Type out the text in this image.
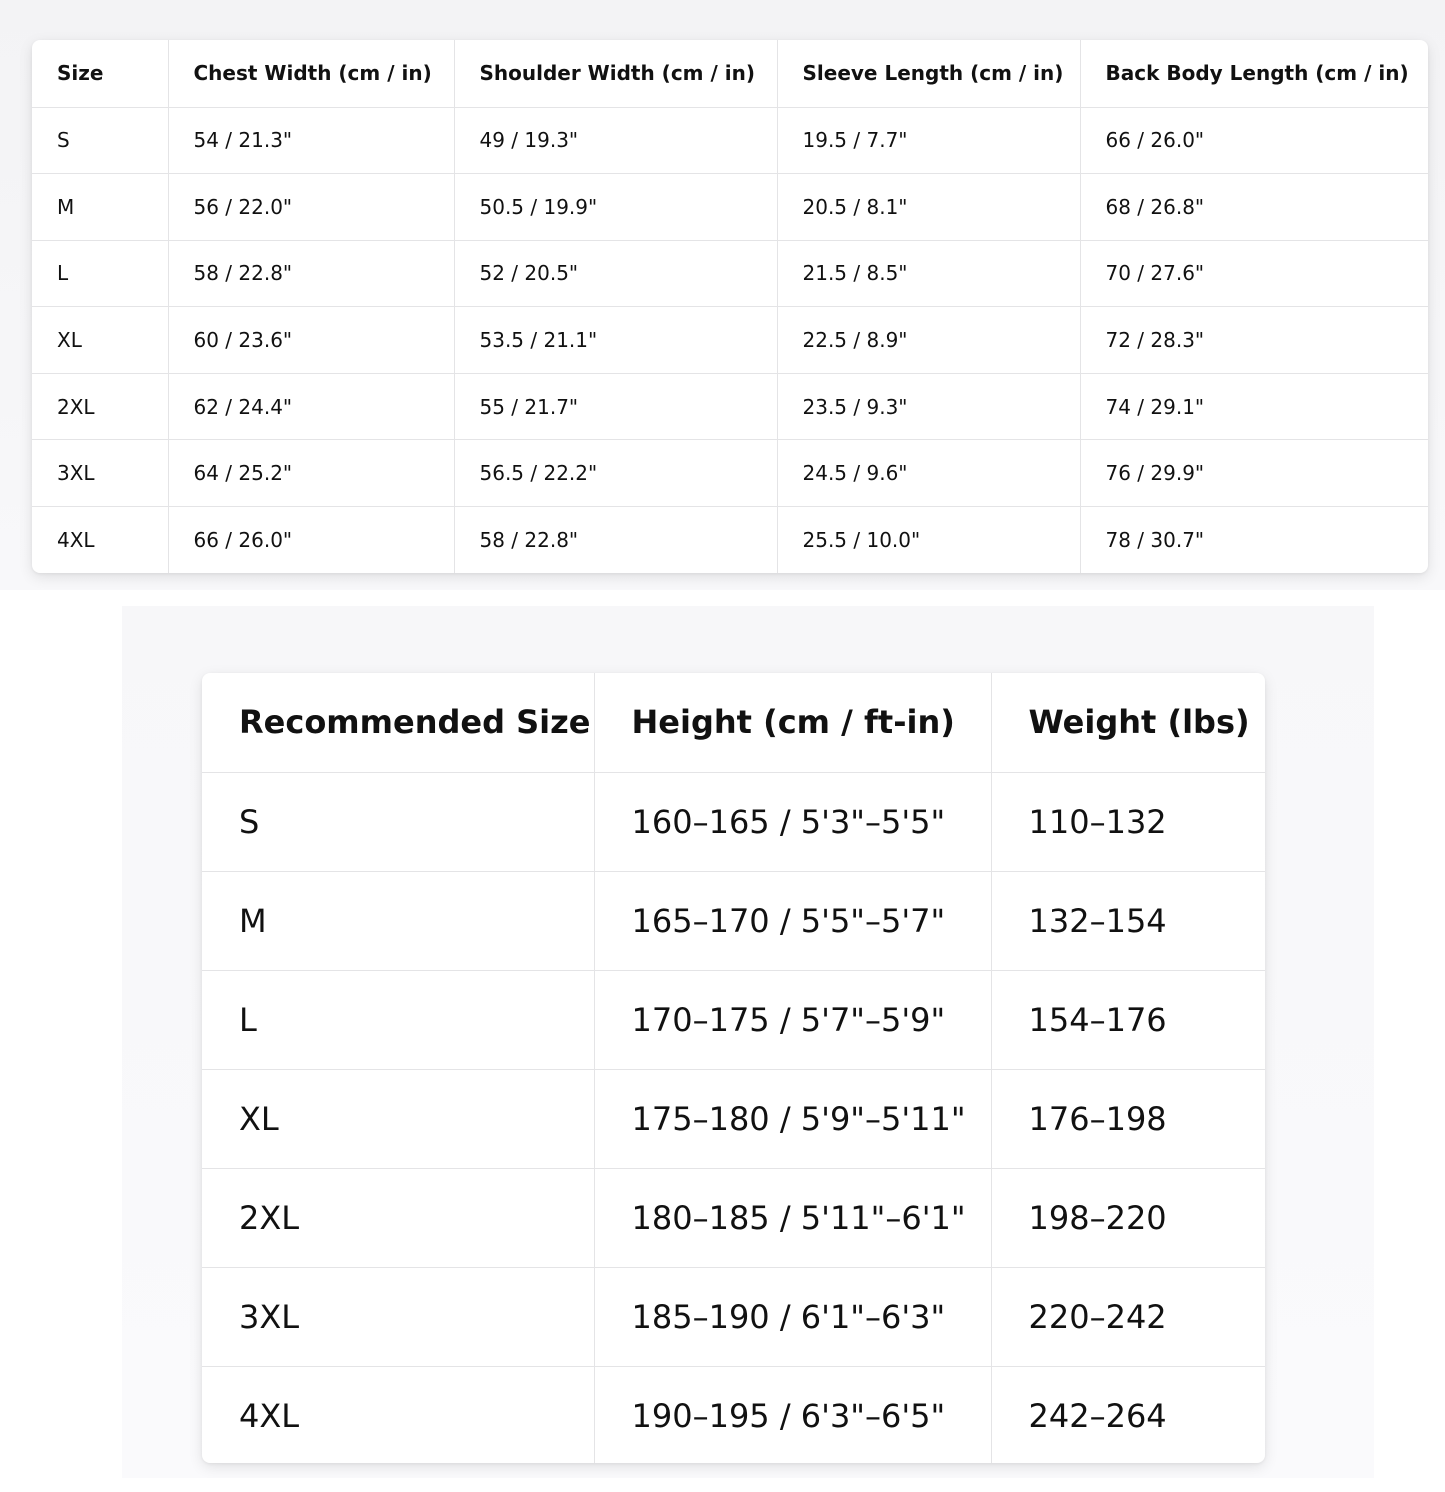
Size	Chest Width (cm / in)	Shoulder Width (cm / in)	Sleeve Length (cm / in)	Back Body Length (cm / in)
S	54 / 21.3"	49 / 19.3"	19.5 / 7.7"	66 / 26.0"
M	56 / 22.0"	50.5 / 19.9"	20.5 / 8.1"	68 / 26.8"
L	58 / 22.8"	52 / 20.5"	21.5 / 8.5"	70 / 27.6"
XL	60 / 23.6"	53.5 / 21.1"	22.5 / 8.9"	72 / 28.3"
2XL	62 / 24.4"	55 / 21.7"	23.5 / 9.3"	74 / 29.1"
3XL	64 / 25.2"	56.5 / 22.2"	24.5 / 9.6"	76 / 29.9"
4XL	66 / 26.0"	58 / 22.8"	25.5 / 10.0"	78 / 30.7"
Recommended Size	Height (cm / ft-in)	Weight (lbs)
S	160–165 / 5'3"–5'5"	110–132
M	165–170 / 5'5"–5'7"	132–154
L	170–175 / 5'7"–5'9"	154–176
XL	175–180 / 5'9"–5'11"	176–198
2XL	180–185 / 5'11"–6'1"	198–220
3XL	185–190 / 6'1"–6'3"	220–242
4XL	190–195 / 6'3"–6'5"	242–264
